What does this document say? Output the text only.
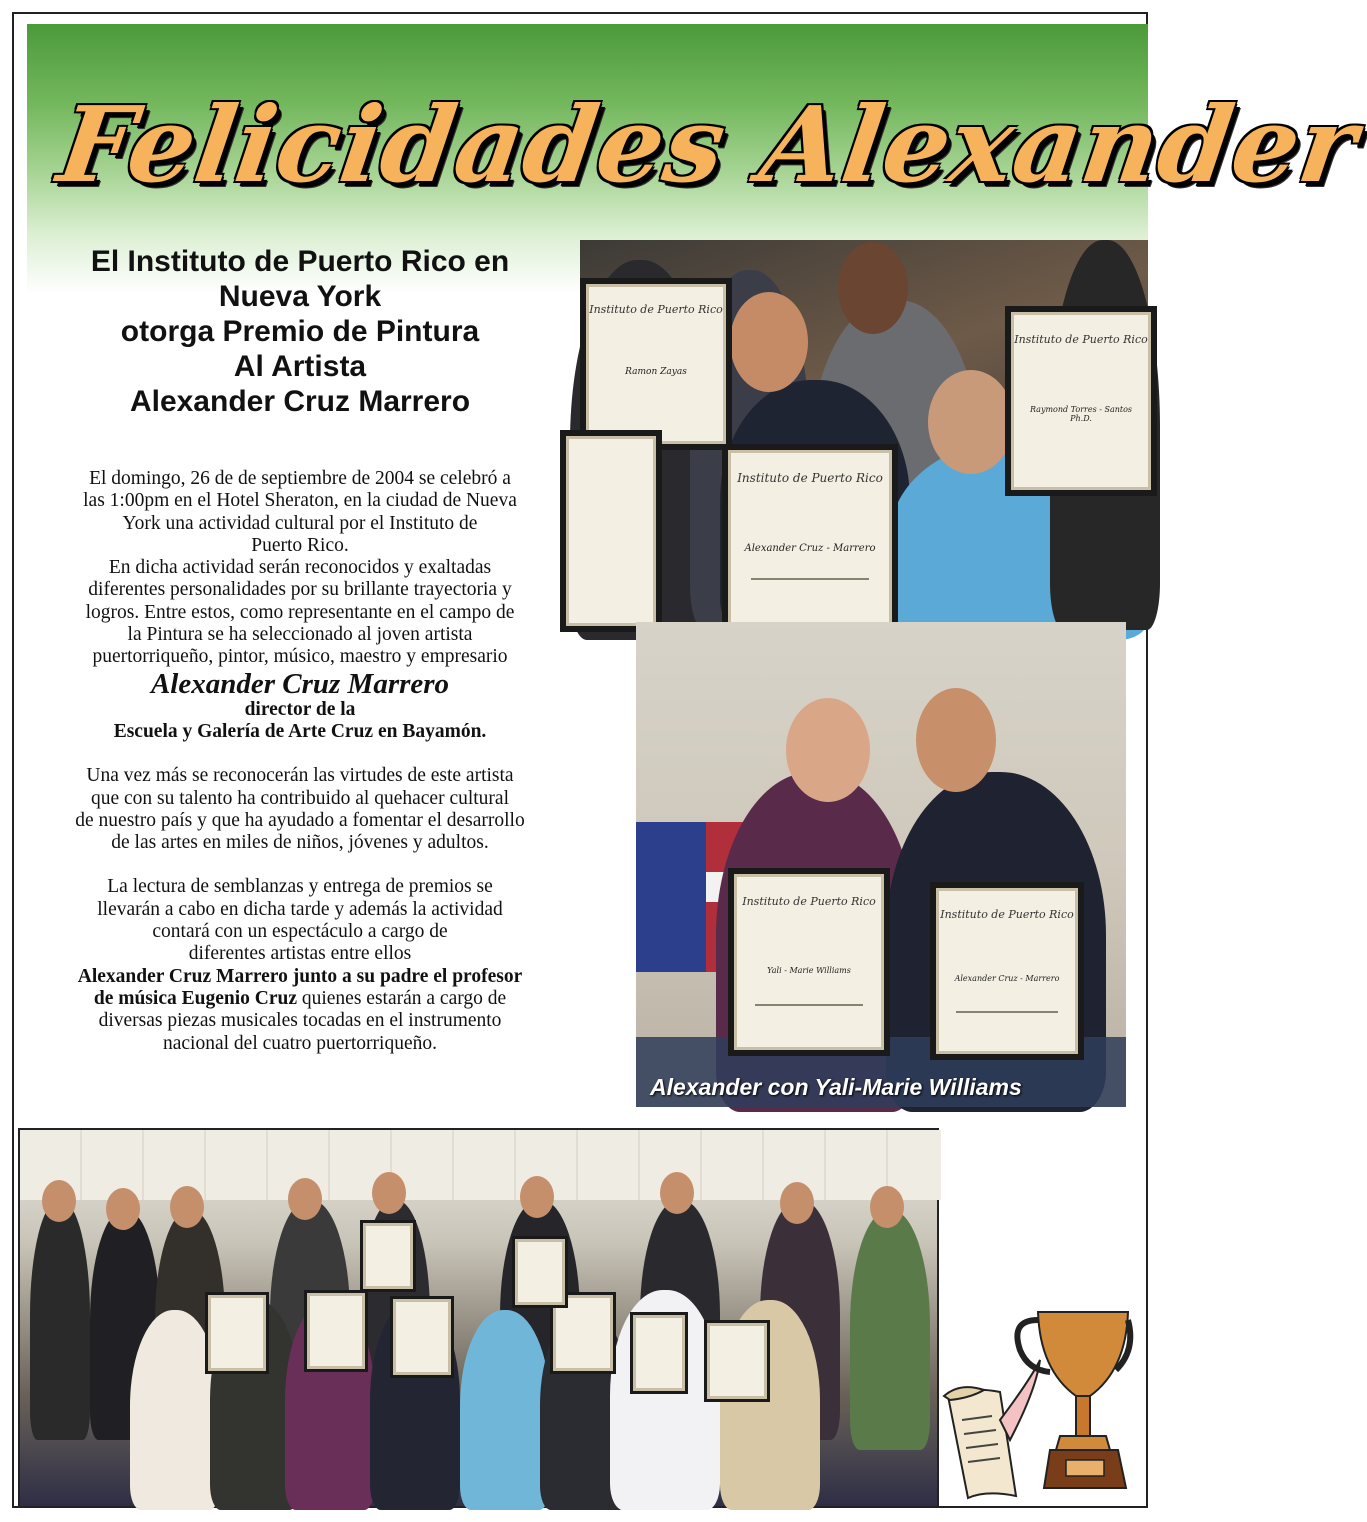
Felicidades Alexander
El Instituto de Puerto Rico en
Nueva York
otorga Premio de Pintura
Al Artista
Alexander Cruz Marrero

El domingo, 26 de de septiembre de 2004 se celebró a

las 1:00pm en el Hotel Sheraton, en la ciudad de Nueva

York una actividad cultural por el Instituto de

Puerto Rico.

En dicha actividad serán reconocidos y exaltadas

diferentes personalidades por su brillante trayectoria y

logros. Entre estos, como representante en el campo de

la Pintura se ha seleccionado al joven artista

puertorriqueño, pintor, músico, maestro y empresario

Alexander Cruz Marrero

director de la

Escuela y Galería de Arte Cruz en Bayamón.

Una vez más se reconocerán las virtudes de este artista

que con su talento ha contribuido al quehacer cultural

de nuestro país y que ha ayudado a fomentar el desarrollo

de las artes en miles de niños, jóvenes y adultos.

La lectura de semblanzas y entrega de premios se

llevarán a cabo en dicha tarde y además la actividad

contará con un espectáculo a cargo de

diferentes artistas entre ellos

Alexander Cruz Marrero junto a su padre el profesor

de música Eugenio Cruz quienes estarán a cargo de

diversas piezas musicales tocadas en el instrumento

nacional del cuatro puertorriqueño.

Instituto de Puerto Rico
Ramon Zayas
Instituto de Puerto Rico
Raymond Torres - Santos Ph.D.
Instituto de Puerto Rico
Alexander Cruz - Marrero
Instituto de Puerto Rico
Yali - Marie Williams
Instituto de Puerto Rico
Alexander Cruz - Marrero
Alexander con Yali-Marie Williams
